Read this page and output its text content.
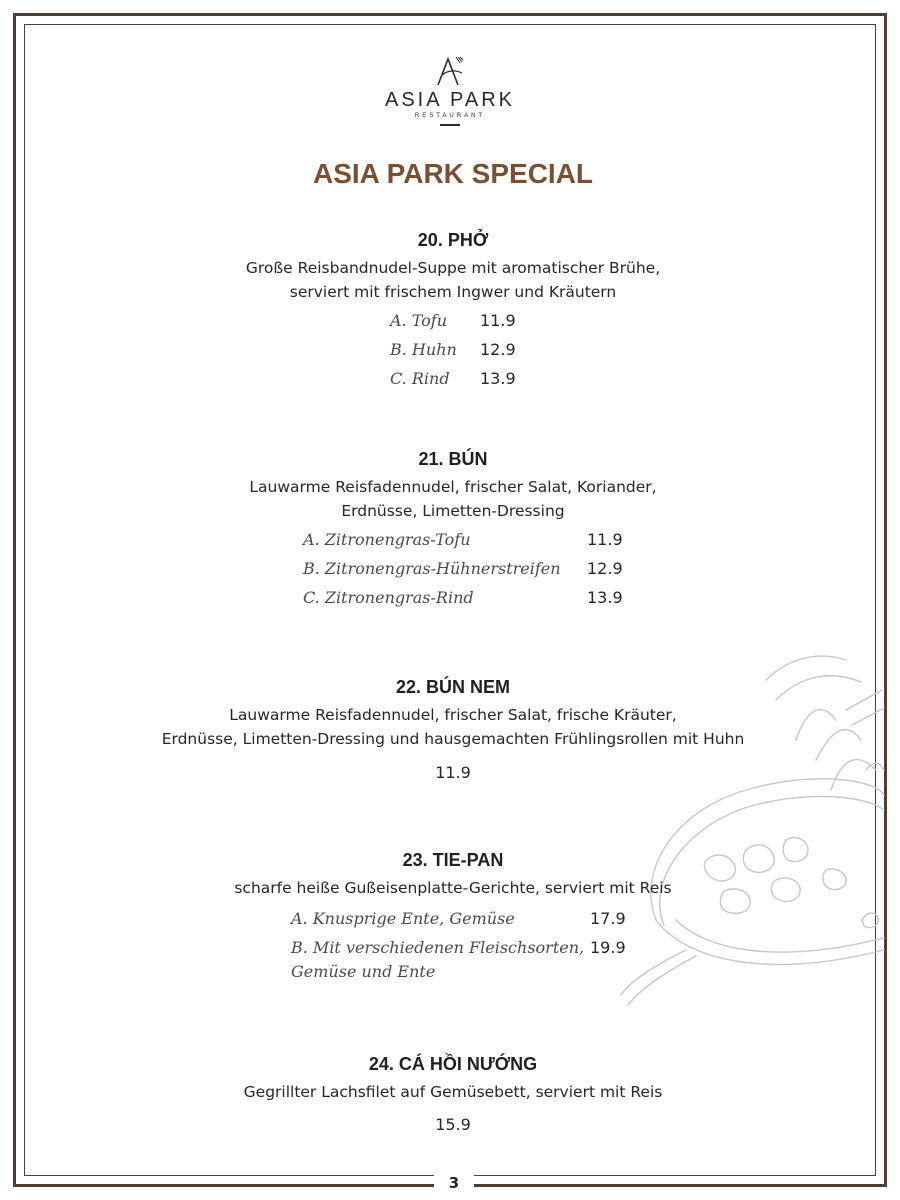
ASIA PARK
RESTAURANT
ASIA PARK SPECIAL
20. PHỞ
Große Reisbandnudel-Suppe mit aromatischer Brühe,
serviert mit frischem Ingwer und Kräutern
A. Tofu 11.9
B. Huhn 12.9
C. Rind 13.9
21. BÚN
Lauwarme Reisfadennudel, frischer Salat, Koriander,
Erdnüsse, Limetten-Dressing
A. Zitronengras-Tofu	11.9
B. Zitronengras-Hühnerstreifen 12.9
C. Zitronengras-Rind	13.9
22. BÚN NEM
Lauwarme Reisfadennudel, frischer Salat, frische Kräuter,
Erdnüsse, Limetten-Dressing und hausgemachten Frühlingsrollen mit Huhn
11.9
23. TIE-PAN
scharfe heiße Gußeisenplatte-Gerichte, serviert mit Reis
A. Knusprige Ente, Gemüse	17.9
B. Mit verschiedenen Fleischsorten,
Gemüse und Ente
19.9
24. CÁ HỒI NƯỚNG
Gegrillter Lachsfilet auf Gemüsebett, serviert mit Reis
15.9
3
